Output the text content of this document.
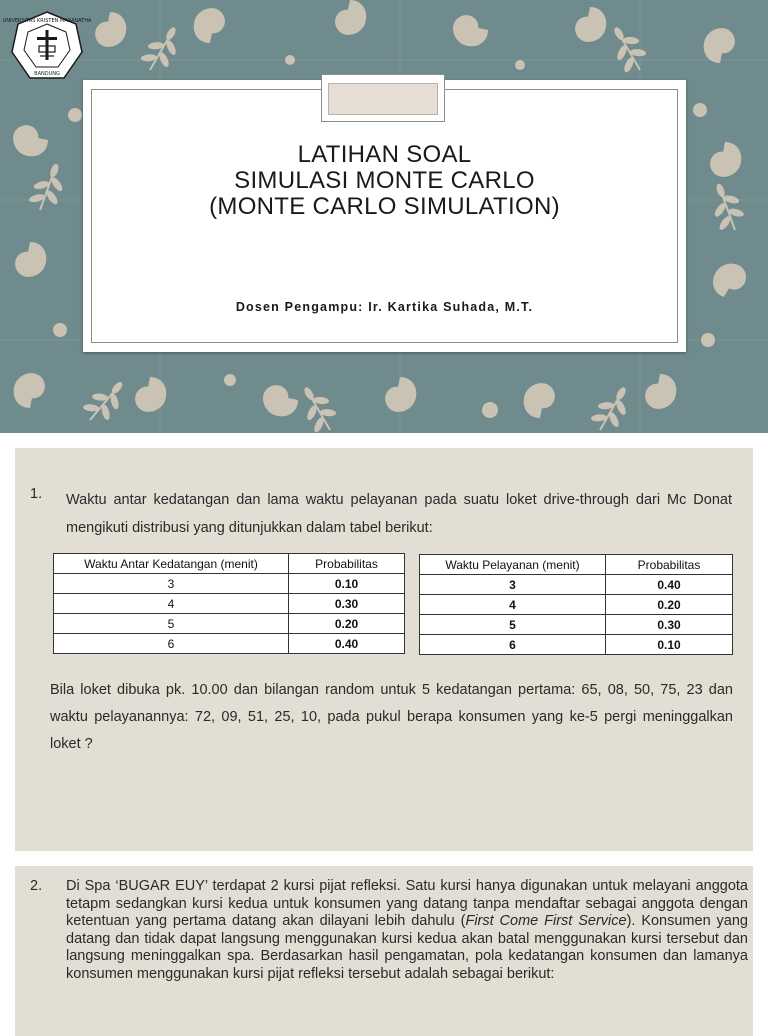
UNIVERSITAS KRISTEN MARANATHA
BANDUNG
LATIHAN SOAL
SIMULASI MONTE CARLO
(MONTE CARLO SIMULATION)
Dosen Pengampu: Ir. Kartika Suhada, M.T.
1. Waktu antar kedatangan dan lama waktu pelayanan pada suatu loket drive-through dari Mc Donat mengikuti distribusi yang ditunjukkan dalam tabel berikut:
Waktu Antar Kedatangan (menit)	Probabilitas
3	0.10
4	0.30
5	0.20
6	0.40
Waktu Pelayanan (menit)	Probabilitas
3	0.40
4	0.20
5	0.30
6	0.10
Bila loket dibuka pk. 10.00 dan bilangan random untuk 5 kedatangan pertama: 65, 08, 50, 75, 23 dan waktu pelayanannya: 72, 09, 51, 25, 10, pada pukul berapa konsumen yang ke-5 pergi meninggalkan loket ?
2. Di Spa ‘BUGAR EUY’ terdapat 2 kursi pijat refleksi. Satu kursi hanya digunakan untuk melayani anggota tetapm sedangkan kursi kedua untuk konsumen yang datang tanpa mendaftar sebagai anggota dengan ketentuan yang pertama datang akan dilayani lebih dahulu (First Come First Service). Konsumen yang datang dan tidak dapat langsung menggunakan kursi kedua akan batal menggunakan kursi tersebut dan langsung meninggalkan spa. Berdasarkan hasil pengamatan, pola kedatangan konsumen dan lamanya konsumen menggunakan kursi pijat refleksi tersebut adalah sebagai berikut:
